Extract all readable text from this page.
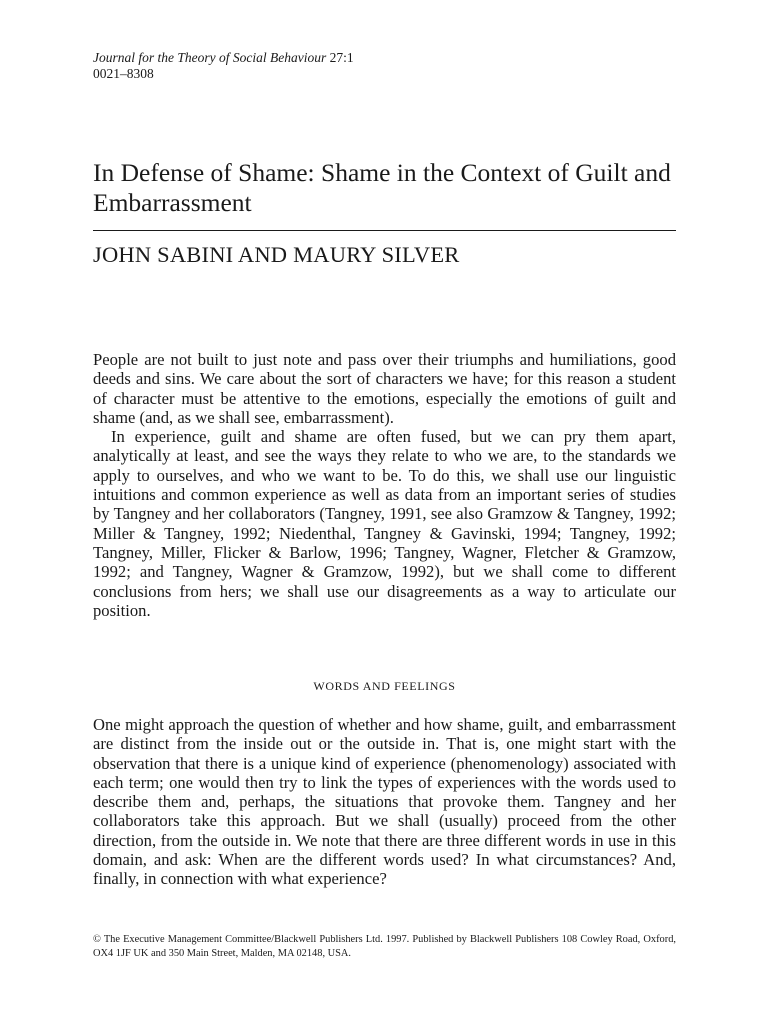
Journal for the Theory of Social Behaviour 27:1
0021–8308
In Defense of Shame: Shame in the Context of Guilt and Embarrassment
JOHN SABINI AND MAURY SILVER

People are not built to just note and pass over their triumphs and humiliations, good deeds and sins. We care about the sort of characters we have; for this reason a student of character must be attentive to the emotions, especially the emotions of guilt and shame (and, as we shall see, embarrassment).

In experience, guilt and shame are often fused, but we can pry them apart, analytically at least, and see the ways they relate to who we are, to the standards we apply to ourselves, and who we want to be. To do this, we shall use our linguistic intuitions and common experience as well as data from an important series of studies by Tangney and her collaborators (Tangney, 1991, see also Gramzow & Tangney, 1992; Miller & Tangney, 1992; Niedenthal, Tangney & Gavinski, 1994; Tangney, 1992; Tangney, Miller, Flicker & Barlow, 1996; Tangney, Wagner, Fletcher & Gramzow, 1992; and Tangney, Wagner & Gramzow, 1992), but we shall come to different conclusions from hers; we shall use our disagreements as a way to articulate our position.

WORDS AND FEELINGS

One might approach the question of whether and how shame, guilt, and embarrassment are distinct from the inside out or the outside in. That is, one might start with the observation that there is a unique kind of experience (phenomenology) associated with each term; one would then try to link the types of experiences with the words used to describe them and, perhaps, the situations that provoke them. Tangney and her collaborators take this approach. But we shall (usually) proceed from the other direction, from the outside in. We note that there are three different words in use in this domain, and ask: When are the different words used? In what circumstances? And, finally, in connection with what experience?

© The Executive Management Committee/Blackwell Publishers Ltd. 1997. Published by Blackwell Publishers 108 Cowley Road, Oxford, OX4 1JF UK and 350 Main Street, Malden, MA 02148, USA.
